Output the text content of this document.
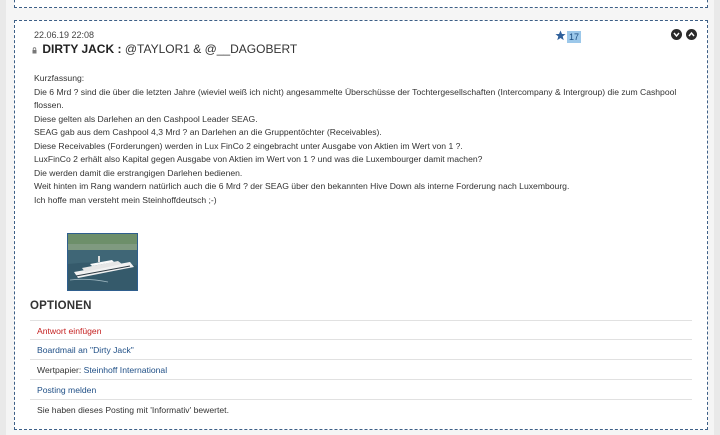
22.06.19 22:08
DIRTY JACK : @TAYLOR1 & @__DAGOBERT
17

Kurzfassung:

Die 6 Mrd ? sind die über die letzten Jahre (wieviel weiß ich nicht) angesammelte Überschüsse der Tochtergesellschaften (Intercompany & Intergroup) die zum Cashpool flossen.

Diese gelten als Darlehen an den Cashpool Leader SEAG.

SEAG gab aus dem Cashpool 4,3 Mrd ? an Darlehen an die Gruppentöchter (Receivables).

Diese Receivables (Forderungen) werden in Lux FinCo 2 eingebracht unter Ausgabe von Aktien im Wert von 1 ?.

LuxFinCo 2 erhält also Kapital gegen Ausgabe von Aktien im Wert von 1 ? und was die Luxembourger damit machen?

Die werden damit die erstrangigen Darlehen bedienen.

Weit hinten im Rang wandern natürlich auch die 6 Mrd ? der SEAG über den bekannten Hive Down als interne Forderung nach Luxembourg.

Ich hoffe man versteht mein Steinhoffdeutsch ;-)

OPTIONEN
Antwort einfügen
Boardmail an "Dirty Jack"
Wertpapier: Steinhoff International
Posting melden
Sie haben dieses Posting mit 'Informativ' bewertet.
